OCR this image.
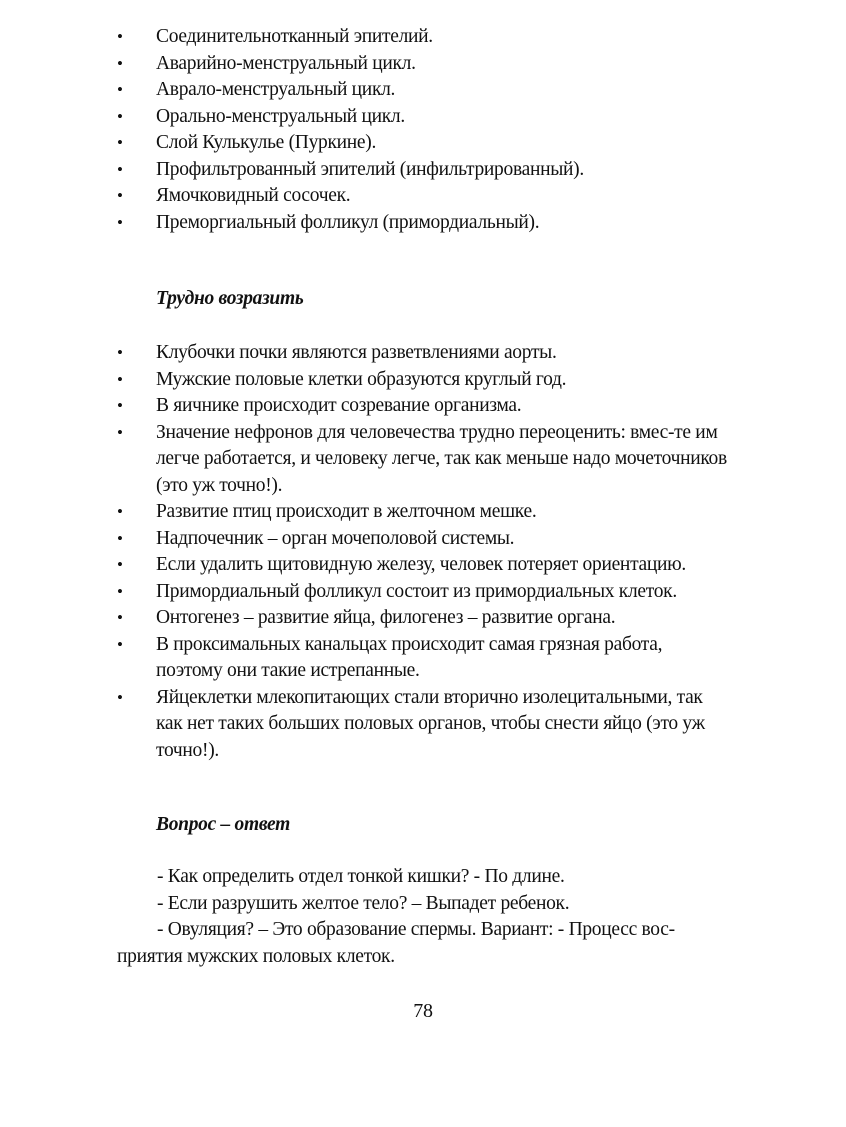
• Соединительнотканный эпителий.
• Аварийно-менструальный цикл.
• Аврало-менструальный цикл.
• Орально-менструальный цикл.
• Слой Кулькулье (Пуркине).
• Профильтрованный эпителий (инфильтрированный).
• Ямочковидный сосочек.
• Преморгиальный фолликул (примордиальный).
Трудно возразить
• Клубочки почки являются разветвлениями аорты.
• Мужские половые клетки образуются круглый год.
• В яичнике происходит созревание организма.
• Значение нефронов для человечества трудно переоценить: вмес-те им легче работается, и человеку легче, так как меньше надо мочеточников (это уж точно!).
• Развитие птиц происходит в желточном мешке.
• Надпочечник – орган мочеполовой системы.
• Если удалить щитовидную железу, человек потеряет ориентацию.
• Примордиальный фолликул состоит из примордиальных клеток.
• Онтогенез – развитие яйца, филогенез – развитие органа.
• В проксимальных канальцах происходит самая грязная работа, поэтому они такие истрепанные.
• Яйцеклетки млекопитающих стали вторично изолецитальными, так как нет таких больших половых органов, чтобы снести яйцо (это уж точно!).
Вопрос – ответ

- Как определить отдел тонкой кишки? - По длине.

- Если разрушить желтое тело? – Выпадет ребенок.

- Овуляция? – Это образование спермы. Вариант: - Процесс вос-приятия мужских половых клеток.

78
